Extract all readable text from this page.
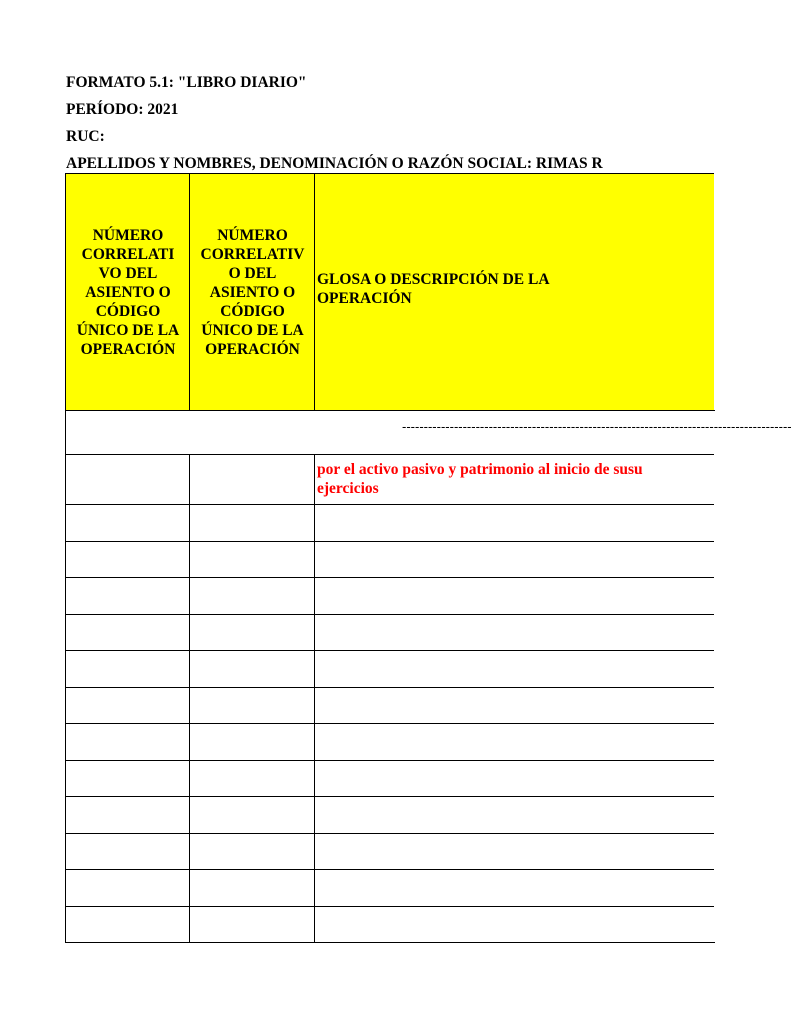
FORMATO 5.1: "LIBRO DIARIO"
PERÍODO: 2021
RUC:
APELLIDOS Y NOMBRES, DENOMINACIÓN O RAZÓN SOCIAL: RIMAS R
NÚMERO
CORRELATI
VO DEL
ASIENTO O
CÓDIGO
ÚNICO DE LA
OPERACIÓN
NÚMERO
CORRELATIV
O DEL
ASIENTO O
CÓDIGO
ÚNICO DE LA
OPERACIÓN
GLOSA O DESCRIPCIÓN DE LA
OPERACIÓN
------------------------------------------------------------------------------------------
por el activo pasivo y patrimonio al inicio de susu ejercicios
